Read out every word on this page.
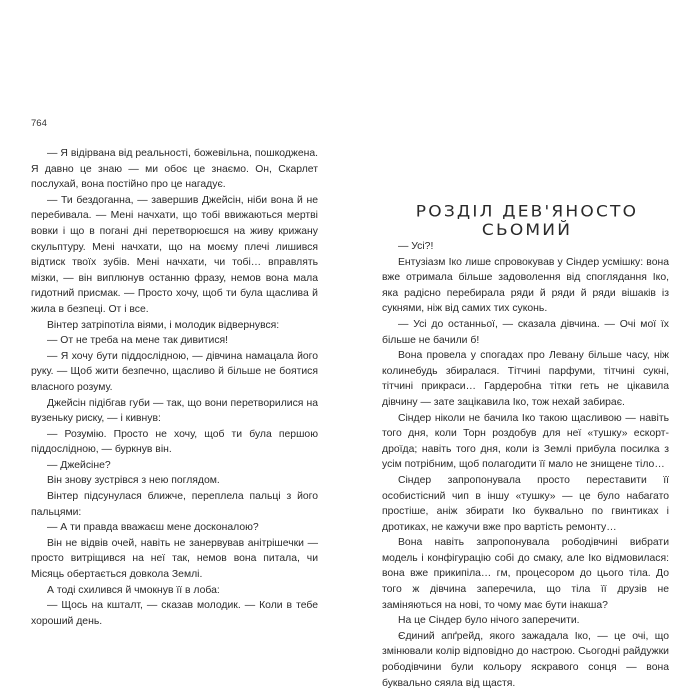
764

— Я відірвана від реальності, божевільна, пошкоджена. Я давно це знаю — ми обоє це знаємо. Он, Скарлет послухай, вона постійно про це нагадує.

— Ти бездоганна, — завершив Джейсін, ніби вона й не перебивала. — Мені начхати, що тобі ввижаються мертві вовки і що в погані дні перетворюєшся на живу крижану скульптуру. Мені начхати, що на моєму плечі лишився відтиск твоїх зубів. Мені начхати, чи тобі… вправлять мізки, — він виплюнув останню фразу, немов вона мала гидотний присмак. — Просто хочу, щоб ти була щаслива й жила в безпеці. От і все.

Вінтер затріпотіла віями, і молодик відвернувся:

— От не треба на мене так дивитися!

— Я хочу бути піддослідною, — дівчина намацала його руку. — Щоб жити безпечно, щасливо й більше не боятися власного розуму.

Джейсін підібгав губи — так, що вони перетворилися на вузеньку риску, — і кивнув:

— Розумію. Просто не хочу, щоб ти була першою піддослідною, — буркнув він.

— Джейсіне?

Він знову зустрівся з нею поглядом.

Вінтер підсунулася ближче, переплела пальці з його пальцями:

— А ти правда вважаєш мене досконалою?

Він не відвів очей, навіть не занервував анітрішечки — просто витріщився на неї так, немов вона питала, чи Місяць обертається довкола Землі.

А тоді схилився й чмокнув її в лоба:

— Щось на кшталт, — сказав молодик. — Коли в тебе хороший день.

РОЗДІЛ ДЕВ'ЯНОСТО СЬОМИЙ

— Усі?!

Ентузіазм Іко лише спровокував у Сіндер усмішку: вона вже отримала більше задоволення від споглядання Іко, яка радісно перебирала ряди й ряди й ряди вішаків із сукнями, ніж від самих тих суконь.

— Усі до останньої, — сказала дівчина. — Очі мої їх більше не бачили б!

Вона провела у спогадах про Левану більше часу, ніж колинебудь збиралася. Тітчині парфуми, тітчині сукні, тітчині прикраси… Гардеробна тітки геть не цікавила дівчину — зате зацікавила Іко, тож нехай забирає.

Сіндер ніколи не бачила Іко такою щасливою — навіть того дня, коли Торн роздобув для неї «тушку» ескорт-дроїда; навіть того дня, коли із Землі прибула посилка з усім потрібним, щоб полагодити її мало не знищене тіло…

Сіндер запропонувала просто переставити її особистісний чип в іншу «тушку» — це було набагато простіше, аніж збирати Іко буквально по гвинтиках і дротиках, не кажучи вже про вартість ремонту…

Вона навіть запропонувала рободівчині вибрати модель і конфігурацію собі до смаку, але Іко відмовилася: вона вже прикипіла… гм, процесором до цього тіла. До того ж дівчина заперечила, що тіла її друзів не заміняються на нові, то чому має бути інакша?

На це Сіндер було нічого заперечити.

Єдиний апґрейд, якого зажадала Іко, — це очі, що змінювали колір відповідно до настрою. Сьогодні райдужки рободівчини були кольору яскравого сонця — вона буквально сяяла від щастя.
